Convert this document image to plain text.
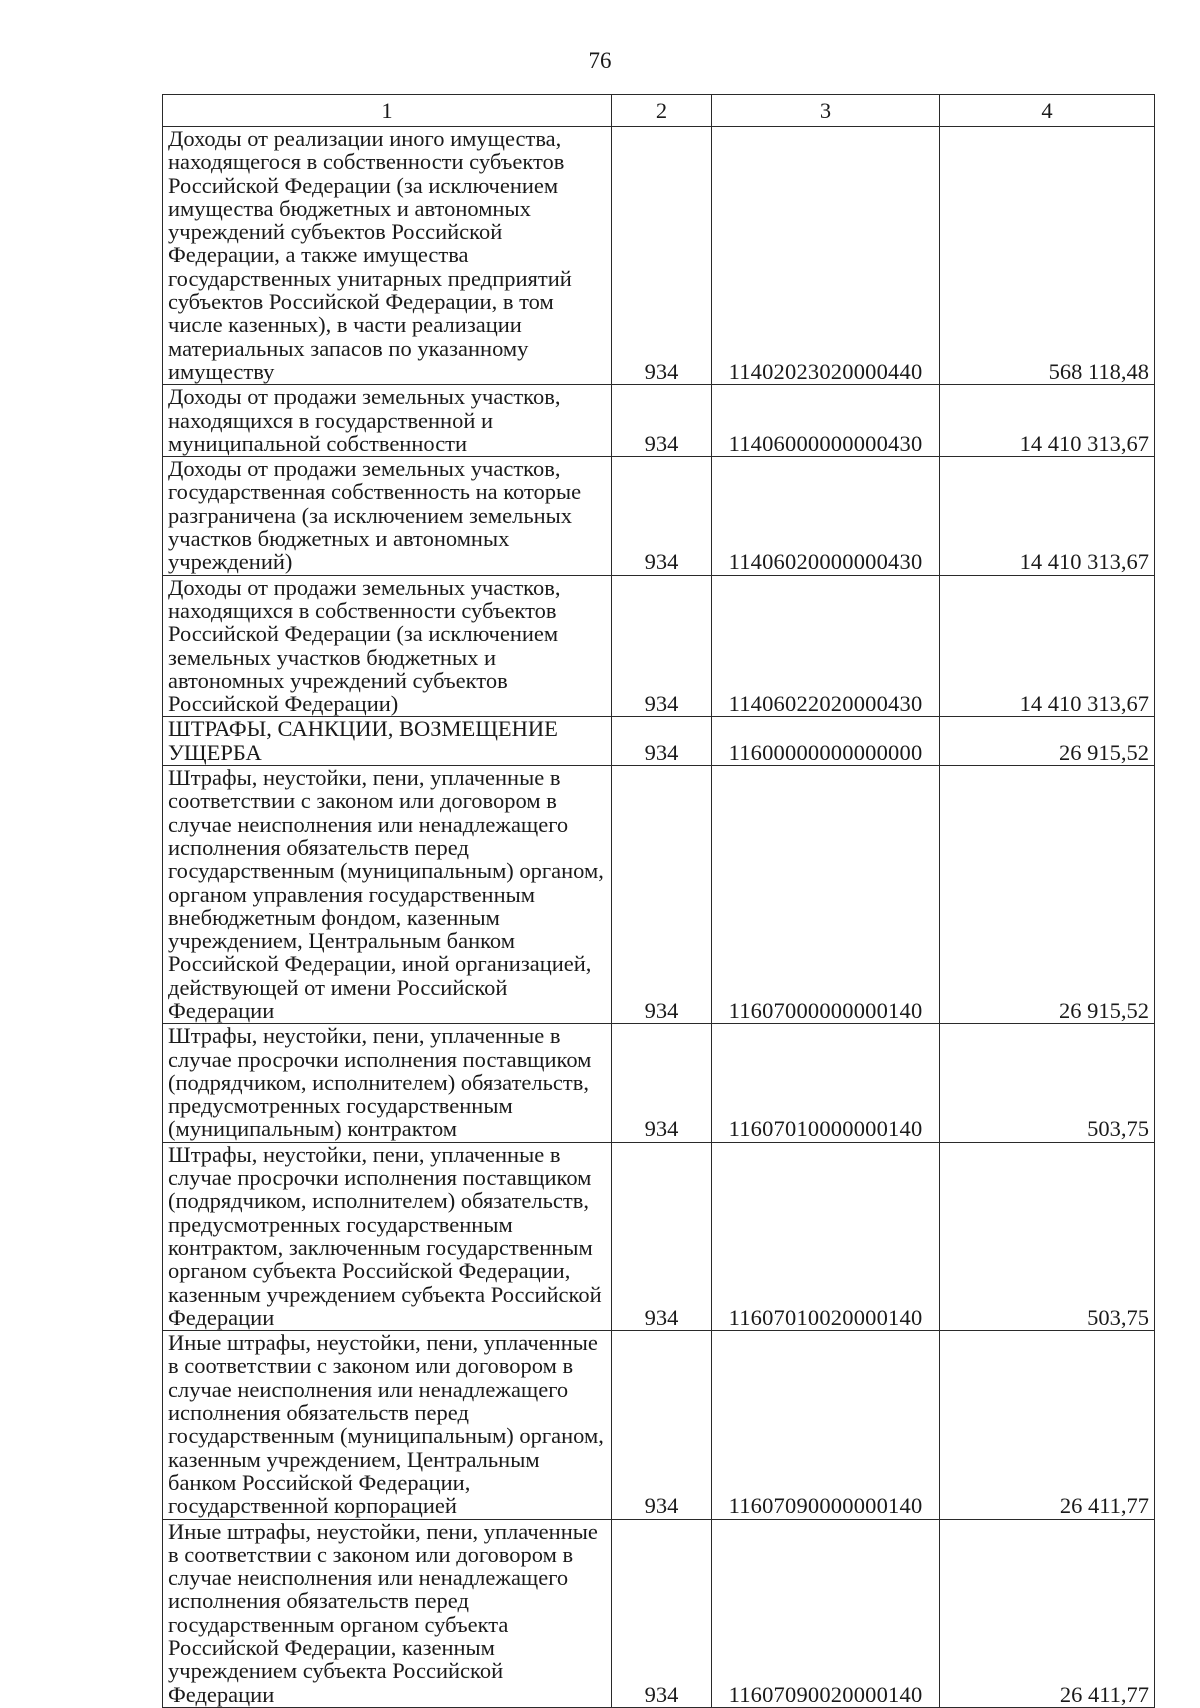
76
1	2	3	4
Доходы от реализации иного имущества, находящегося в собственности субъектов Российской Федерации (за исключением имущества бюджетных и автономных учреждений субъектов Российской Федерации, а также имущества государственных унитарных предприятий субъектов Российской Федерации, в том числе казенных), в части реализации материальных запасов по указанному имуществу	934	11402023020000440	568 118,48
Доходы от продажи земельных участков, находящихся в государственной и муниципальной собственности	934	11406000000000430	14 410 313,67
Доходы от продажи земельных участков, государственная собственность на которые разграничена (за исключением земельных участков бюджетных и автономных учреждений)	934	11406020000000430	14 410 313,67
Доходы от продажи земельных участков, находящихся в собственности субъектов Российской Федерации (за исключением земельных участков бюджетных и автономных учреждений субъектов Российской Федерации)	934	11406022020000430	14 410 313,67
ШТРАФЫ, САНКЦИИ, ВОЗМЕЩЕНИЕ УЩЕРБА	934	11600000000000000	26 915,52
Штрафы, неустойки, пени, уплаченные в соответствии с законом или договором в случае неисполнения или ненадлежащего исполнения обязательств перед государственным (муниципальным) органом, органом управления государственным внебюджетным фондом, казенным учреждением, Центральным банком Российской Федерации, иной организацией, действующей от имени Российской Федерации	934	11607000000000140	26 915,52
Штрафы, неустойки, пени, уплаченные в случае просрочки исполнения поставщиком (подрядчиком, исполнителем) обязательств, предусмотренных государственным (муниципальным) контрактом	934	11607010000000140	503,75
Штрафы, неустойки, пени, уплаченные в случае просрочки исполнения поставщиком (подрядчиком, исполнителем) обязательств, предусмотренных государственным контрактом, заключенным государственным органом субъекта Российской Федерации, казенным учреждением субъекта Российской Федерации	934	11607010020000140	503,75
Иные штрафы, неустойки, пени, уплаченные в соответствии с законом или договором в случае неисполнения или ненадлежащего исполнения обязательств перед государственным (муниципальным) органом, казенным учреждением, Центральным банком Российской Федерации, государственной корпорацией	934	11607090000000140	26 411,77
Иные штрафы, неустойки, пени, уплаченные в соответствии с законом или договором в случае неисполнения или ненадлежащего исполнения обязательств перед государственным органом субъекта Российской Федерации, казенным учреждением субъекта Российской Федерации	934	11607090020000140	26 411,77
